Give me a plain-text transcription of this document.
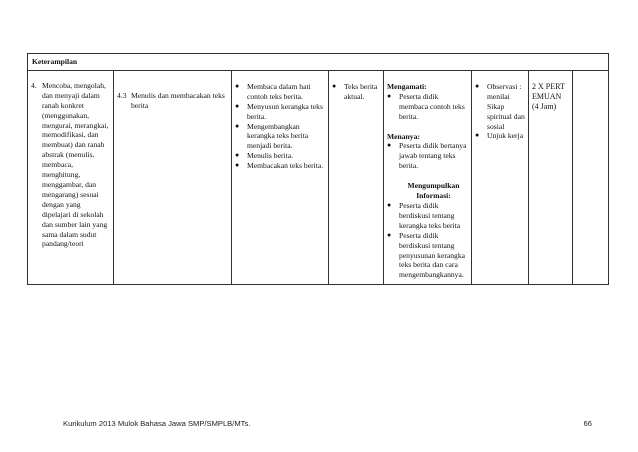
Keterampilan

4. Mencoba, mengolah, dan menyaji dalam ranah konkret (menggunakan, mengurai, merangkai, memodifikasi, dan membuat) dan ranah abstrak (menulis, membaca, menghitung, menggambar, dan mengarang) sesuai dengan yang dipelajari di sekolah dan sumber lain yang sama dalam sudut pandang/teori

4.3 Menulis dan membacakan teks berita

●	Membaca dalam hati contoh teks berita.
●	Menyusun kerangka teks berita.
●	Mengembangkan kerangka teks berita menjadi berita.
●	Menulis berita.
●	Membacakan teks berita.

●	Teks berita aktual.

Mengamati:
●	Peserta didik membaca contoh teks berita.
Menanya:
●	Peserta didik bertanya jawab tentang teks berita.
Mengumpulkan Informasi:
●	Peserta didik berdiskusi tentang kerangka teks berita
●	Peserta didik berdiskusi tentang penyusunan kerangka teks berita dan cara mengembangkannya.

●	Observasi : menilai Sikap spiritual dan sosial
●	Unjuk kerja

2 X PERTEMUAN (4 Jam)

Kurikulum 2013 Mulok Bahasa Jawa SMP/SMPLB/MTs.	66
